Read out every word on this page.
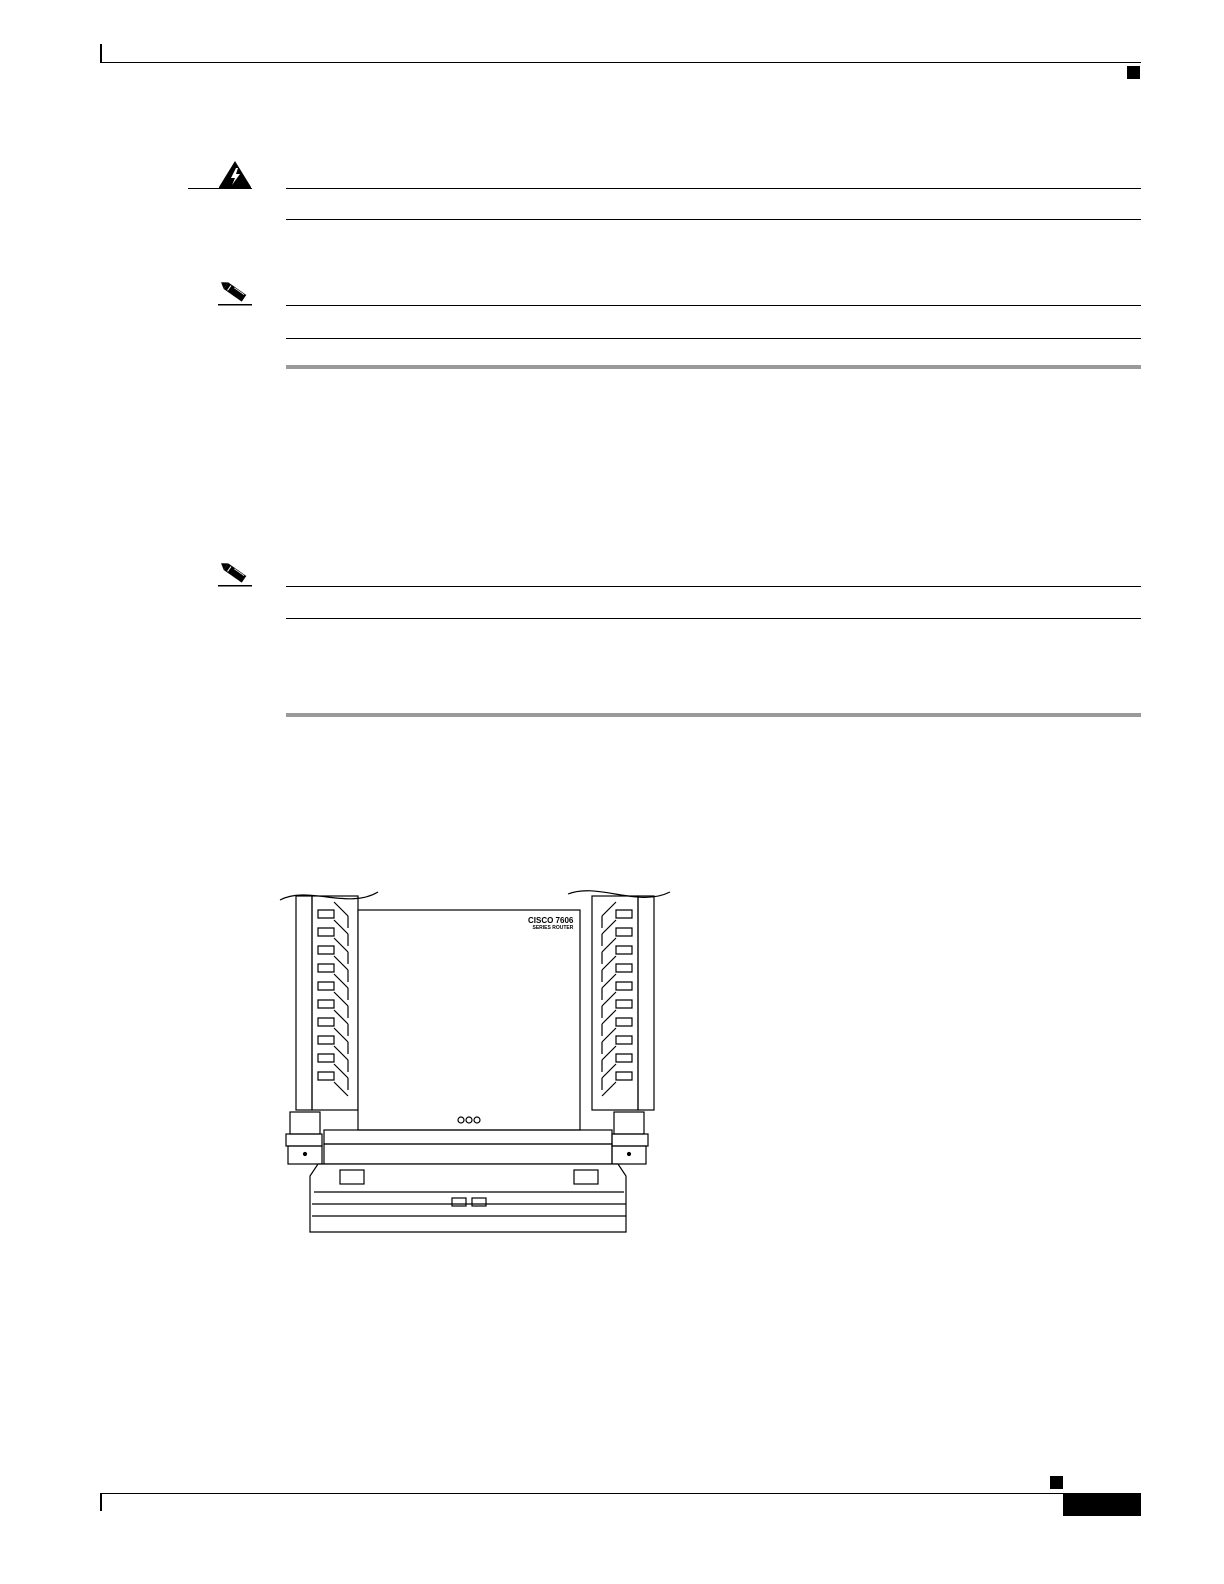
CISCO 7606
SERIES ROUTER
